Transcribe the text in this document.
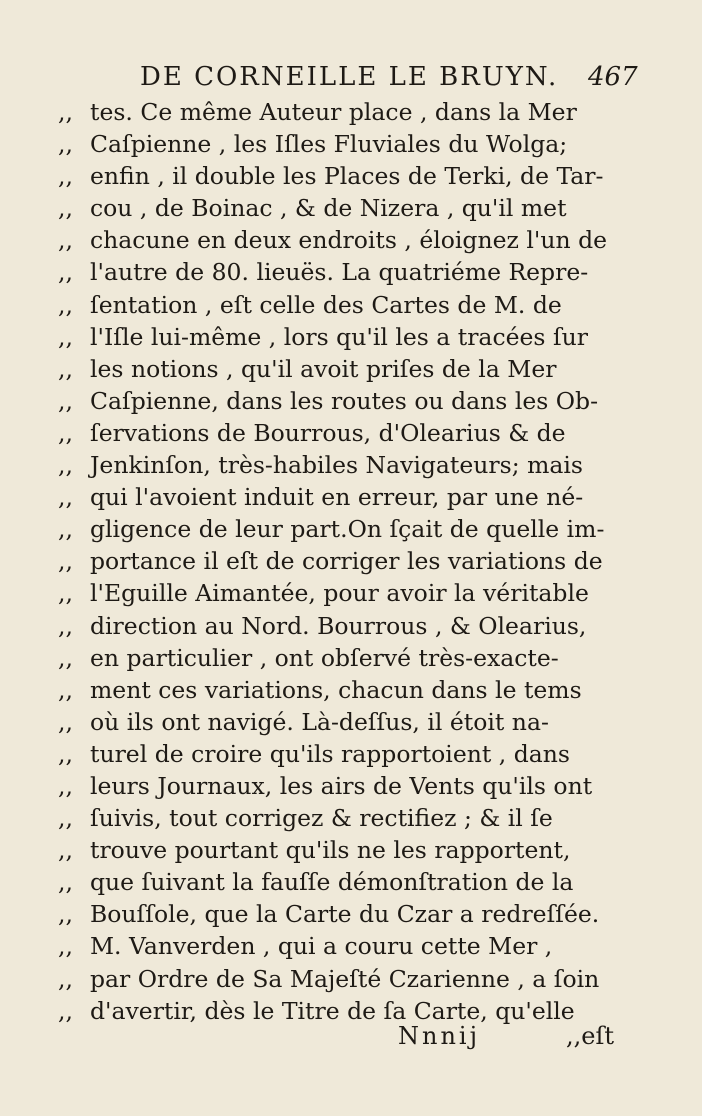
DE CORNEILLE LE BRUYN. 467
,, tes. Ce même Auteur place , dans la Mer
,, Caſpienne , les Iſles Fluviales du Wolga;
,, enfin , il double les Places de Terki, de Tar-
,, cou , de Boinac , & de Nizera , qu'il met
,, chacune en deux endroits , éloignez l'un de
,, l'autre de 80. lieuës. La quatriéme Repre-
,, ſentation , eſt celle des Cartes de M. de
,, l'Iſle lui-même , lors qu'il les a tracées ſur
,, les notions , qu'il avoit priſes de la Mer
,, Caſpienne, dans les routes ou dans les Ob-
,, ſervations de Bourrous, d'Olearius & de
,, Jenkinſon, très-habiles Navigateurs; mais
,, qui l'avoient induit en erreur, par une né-
,, gligence de leur part.On ſçait de quelle im-
,, portance il eſt de corriger les variations de
,, l'Eguille Aimantée, pour avoir la véritable
,, direction au Nord. Bourrous , & Olearius,
,, en particulier , ont obſervé très-exacte-
,, ment ces variations, chacun dans le tems
,, où ils ont navigé. Là-deſſus, il étoit na-
,, turel de croire qu'ils rapportoient , dans
,, leurs Journaux, les airs de Vents qu'ils ont
,, ſuivis, tout corrigez & rectifiez ; & il ſe
,, trouve pourtant qu'ils ne les rapportent,
,, que ſuivant la fauſſe démonſtration de la
,, Bouſſole, que la Carte du Czar a redreſſée.
,, M. Vanverden , qui a couru cette Mer ,
,, par Ordre de Sa Majeſté Czarienne , a ſoin
,, d'avertir, dès le Titre de ſa Carte, qu'elle
Nnnij	,,eſt
